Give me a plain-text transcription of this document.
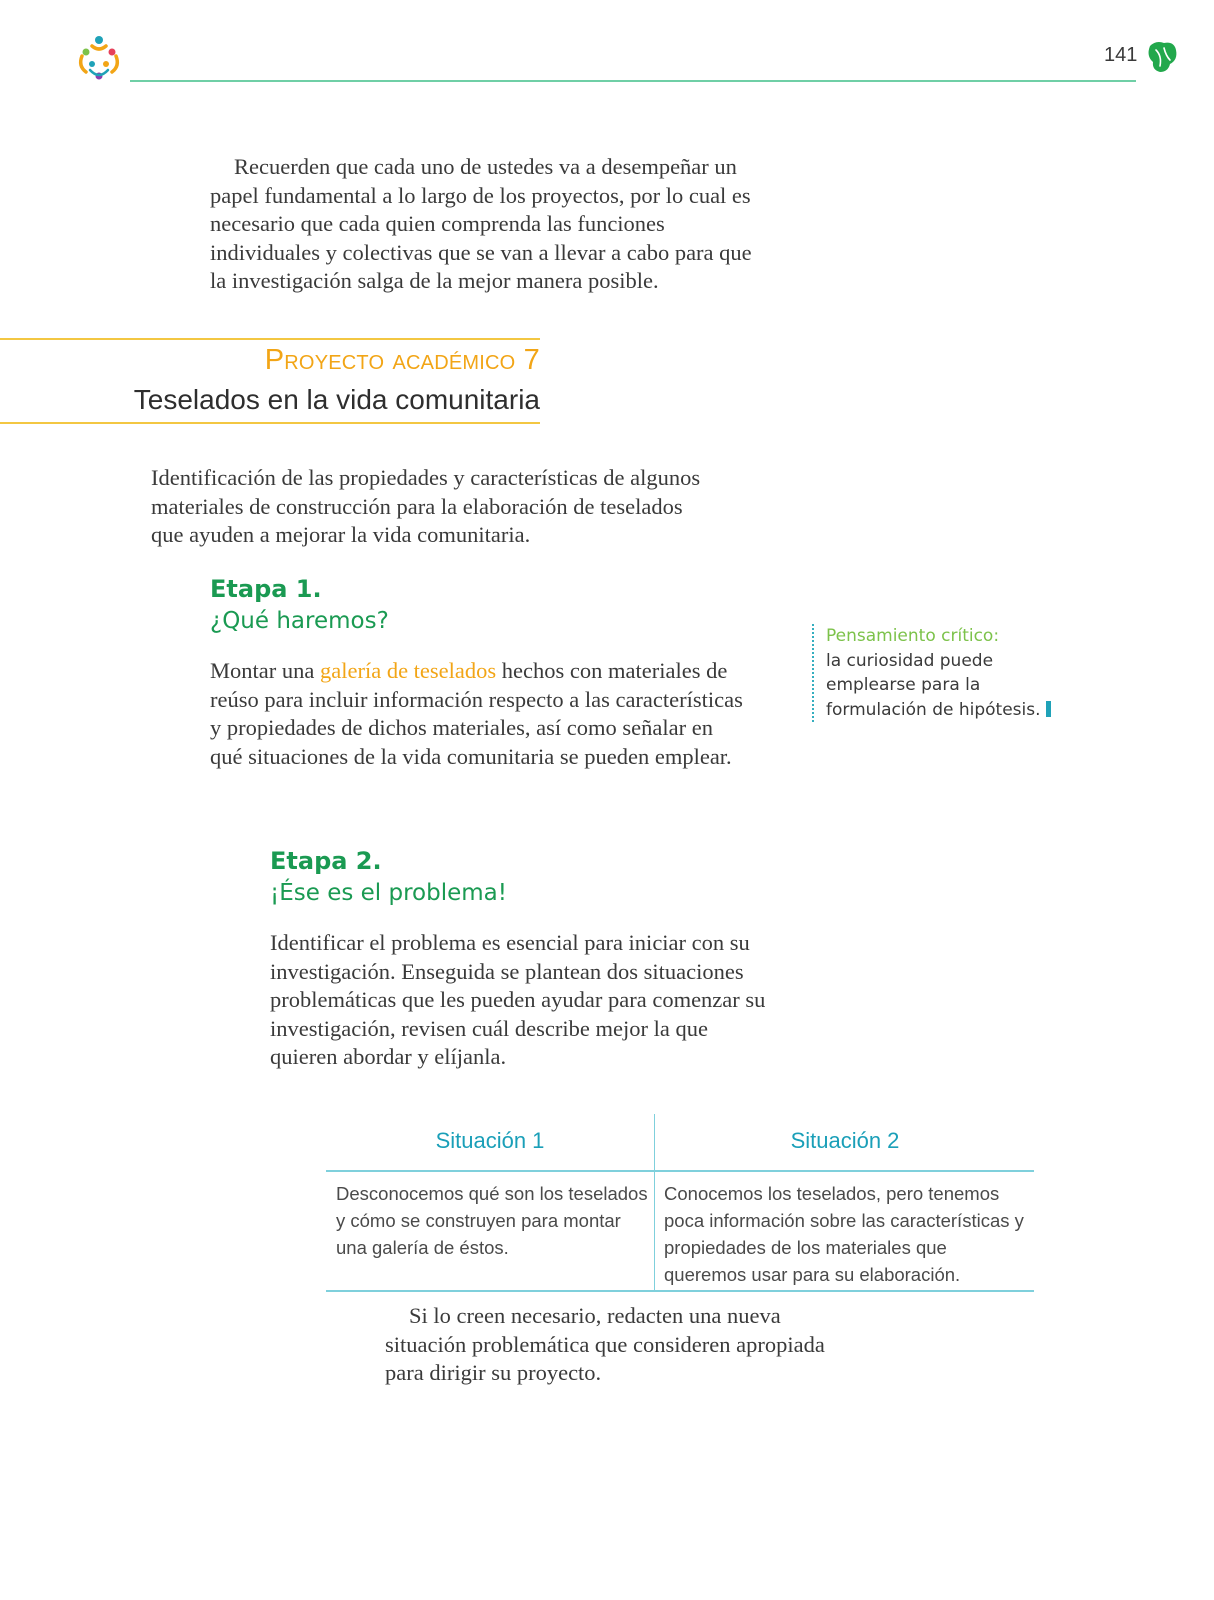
141
Recuerden que cada uno de ustedes va a desempeñar un papel fundamental a lo largo de los proyectos, por lo cual es necesario que cada quien comprenda las funciones individuales y colectivas que se van a llevar a cabo para que la investigación salga de la mejor manera posible.
Proyecto académico 7
Teselados en la vida comunitaria
Identificación de las propiedades y características de algunos materiales de construcción para la elaboración de teselados que ayuden a mejorar la vida comunitaria.
Etapa 1.
¿Qué haremos?
Montar una galería de teselados hechos con materiales de reúso para incluir información respecto a las características y propiedades de dichos materiales, así como señalar en qué situaciones de la vida comunitaria se pueden emplear.
Pensamiento crítico:
la curiosidad puede emplearse para la formulación de hipótesis.
Etapa 2.
¡Ése es el problema!
Identificar el problema es esencial para iniciar con su investigación. Enseguida se plantean dos situaciones problemáticas que les pueden ayudar para comenzar su investigación, revisen cuál describe mejor la que quieren abordar y elíjanla.
Situación 1	Situación 2
Desconocemos qué son los teselados y cómo se construyen para montar una galería de éstos.
Conocemos los teselados, pero tenemos poca información sobre las características y propiedades de los materiales que queremos usar para su elaboración.
Si lo creen necesario, redacten una nueva situación problemática que consideren apropiada para dirigir su proyecto.
